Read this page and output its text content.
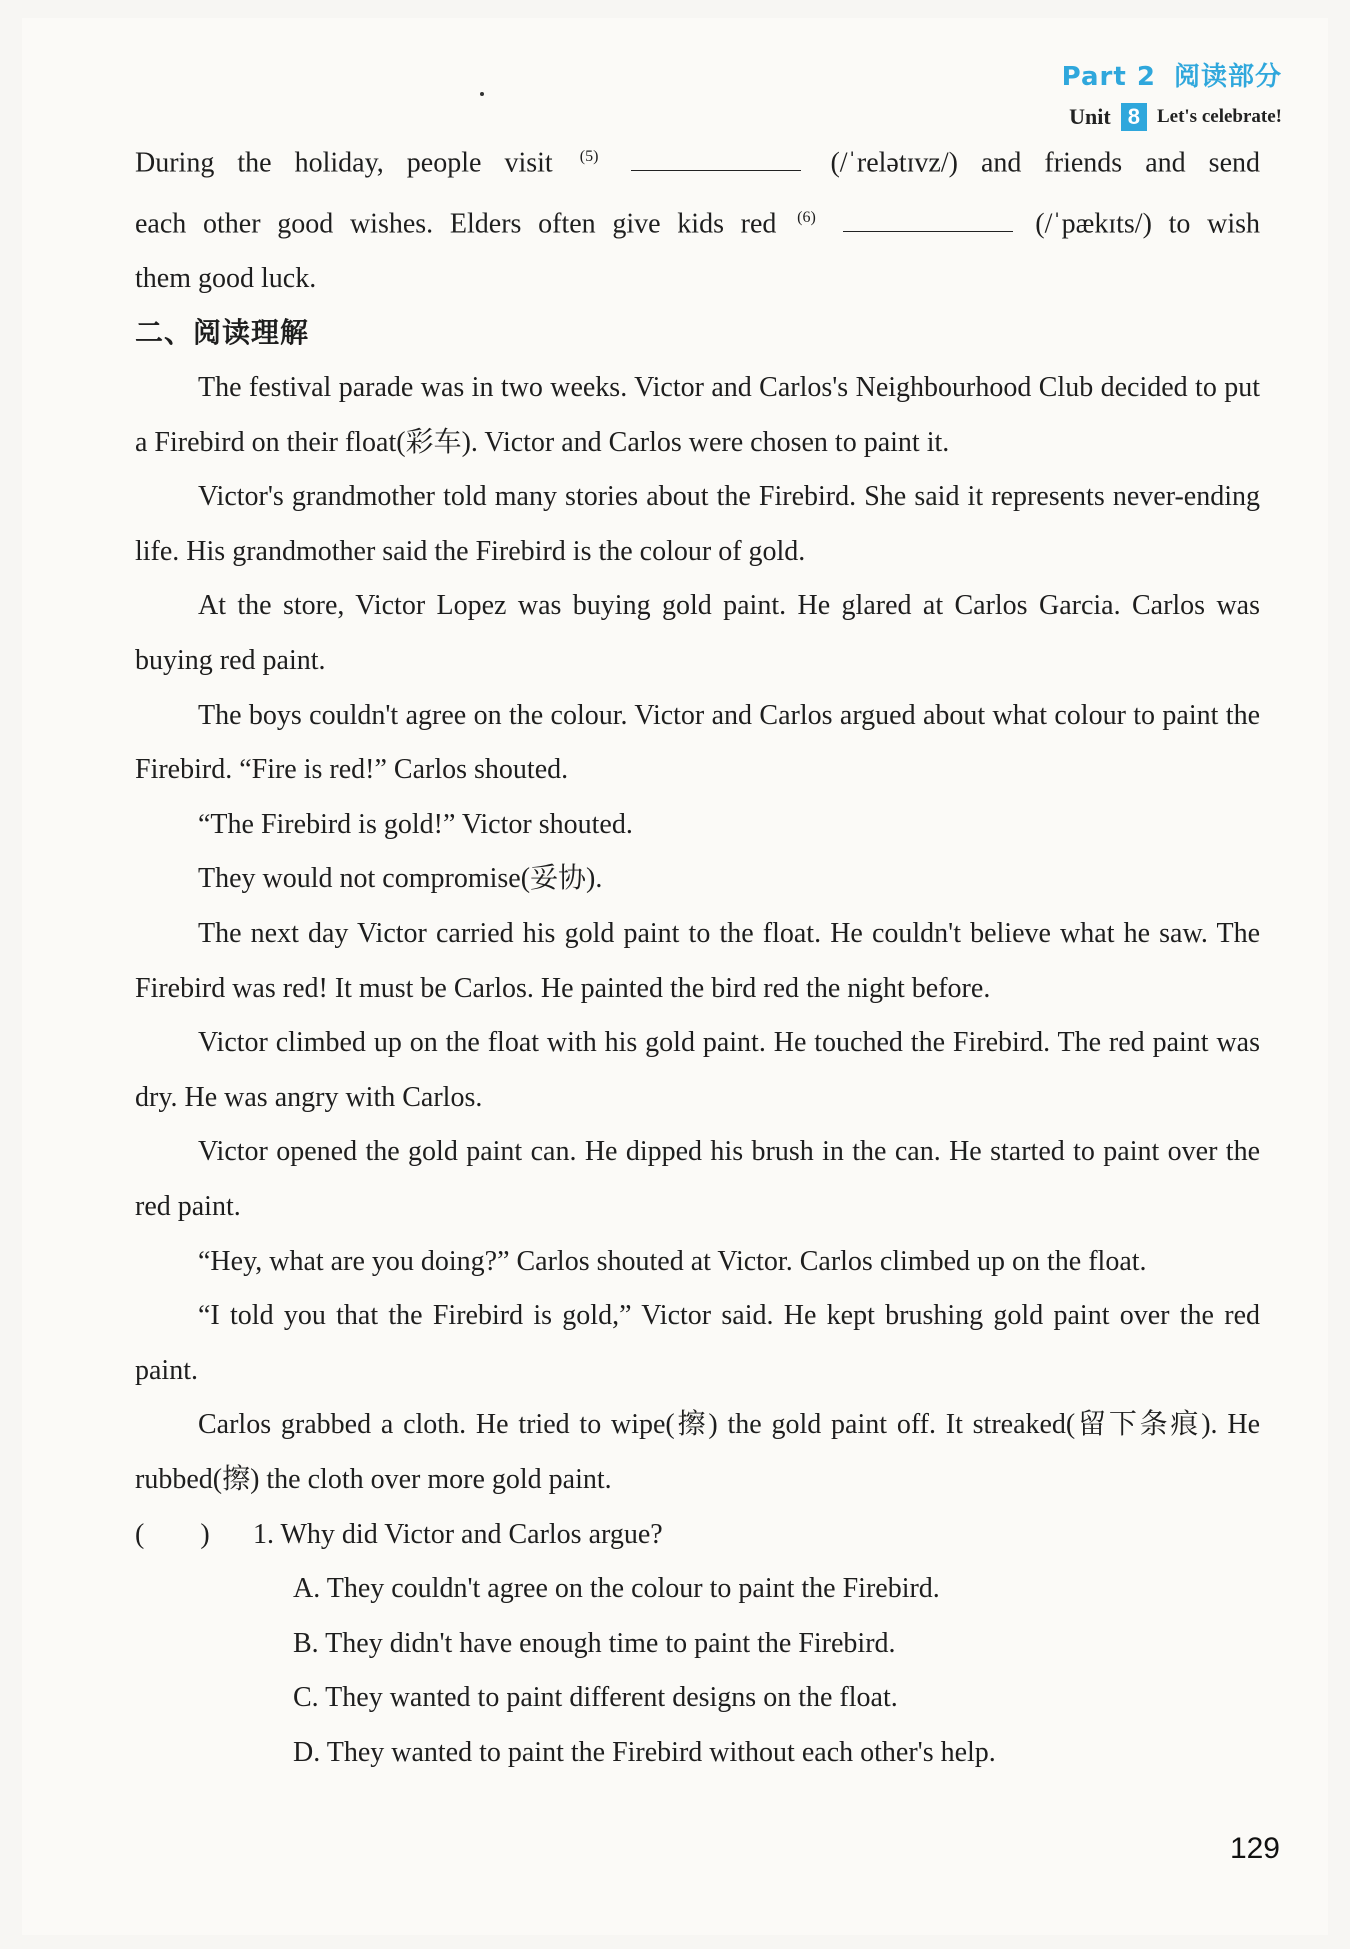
Part 2 阅读部分
Unit 8 Let's celebrate!

During the holiday, people visit $^{(5)}$	(/ˈrelətɪvz/) and friends and send

each other good wishes. Elders often give kids red $^{(6)}$	(/ˈpækɪts/) to wish

them good luck.

二、阅读理解

The festival parade was in two weeks. Victor and Carlos's Neighbourhood Club decided to put a Firebird on their float(彩车). Victor and Carlos were chosen to paint it.

Victor's grandmother told many stories about the Firebird. She said it represents never-ending life. His grandmother said the Firebird is the colour of gold.

At the store, Victor Lopez was buying gold paint. He glared at Carlos Garcia. Carlos was buying red paint.

The boys couldn't agree on the colour. Victor and Carlos argued about what colour to paint the Firebird. “Fire is red!” Carlos shouted.

“The Firebird is gold!” Victor shouted.

They would not compromise(妥协).

The next day Victor carried his gold paint to the float. He couldn't believe what he saw. The Firebird was red! It must be Carlos. He painted the bird red the night before.

Victor climbed up on the float with his gold paint. He touched the Firebird. The red paint was dry. He was angry with Carlos.

Victor opened the gold paint can. He dipped his brush in the can. He started to paint over the red paint.

“Hey, what are you doing?” Carlos shouted at Victor. Carlos climbed up on the float.

“I told you that the Firebird is gold,” Victor said. He kept brushing gold paint over the red paint.

Carlos grabbed a cloth. He tried to wipe(擦) the gold paint off. It streaked(留下条痕). He rubbed(擦) the cloth over more gold paint.

(　　)	1. Why did Victor and Carlos argue?

A. They couldn't agree on the colour to paint the Firebird.

B. They didn't have enough time to paint the Firebird.

C. They wanted to paint different designs on the float.

D. They wanted to paint the Firebird without each other's help.

129
